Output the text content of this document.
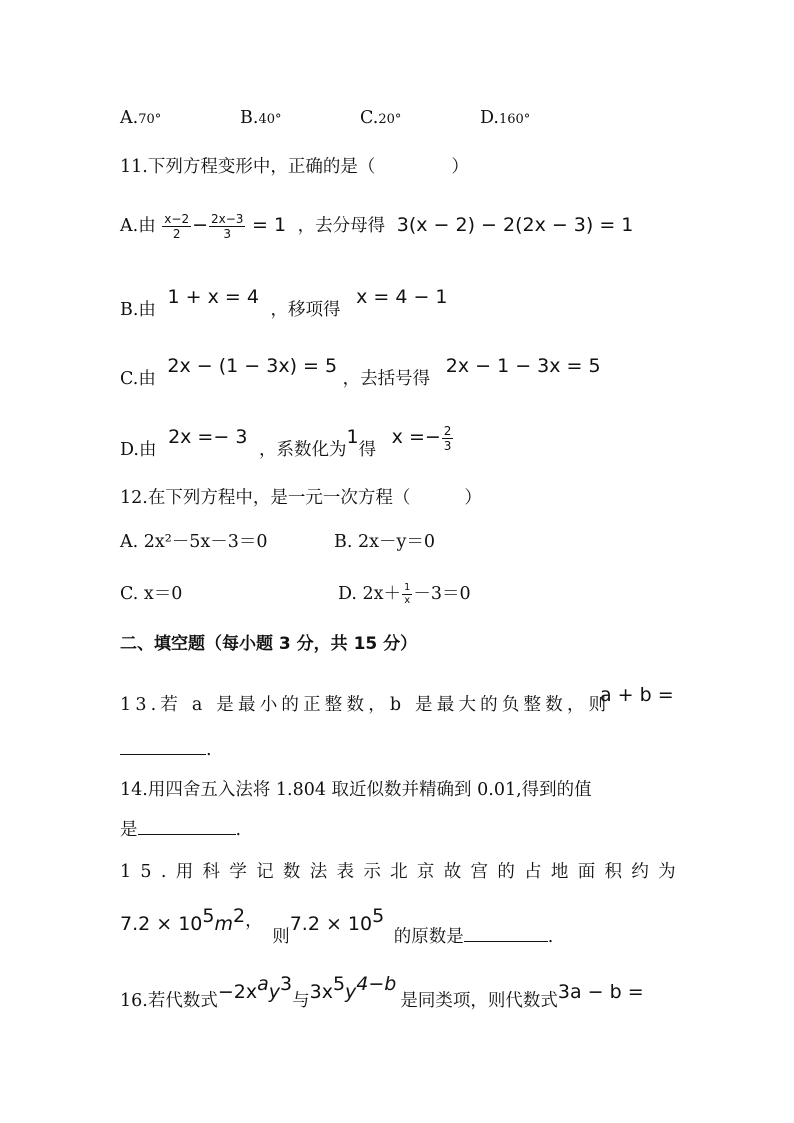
A.70°	B.40°	C.20°	D.160°
11.下列方程变形中，正确的是（	）
A.由 $\frac{x-2}{2} - \frac{2x-3}{3} = 1$ ，去分母得 3(x − 2) − 2(2x − 3) = 1
B.由 1 + x = 4 ，移项得 x = 4 − 1
C.由 2x − (1 − 3x) = 5 ，去括号得 2x − 1 − 3x = 5
D.由 2x =− 3 ，系数化为1得 $x =- \frac{2}{3}$
12.在下列方程中，是一元一次方程（	）
A. 2x²－5x－3＝0	B. 2x－y＝0
C. x＝0	D. $2x+ \frac{1}{x} -3=0$
二、填空题（每小题 3 分，共 15 分）
13.若 a 是最小的正整数，b 是最大的负整数，则
a + b =
.
14.用四舍五入法将 1.804 取近似数并精确到 0.01,得到的值
是	.
15.用科学记数法表示北京故宫的占地面积约为
$7.2 \times 10^5m^2$， 则$7.2 \times 10^5$ 的原数是	.
16.若代数式$-2x^ay^3$与$3x^5y^{4-b}$是同类项，则代数式3a − b =
